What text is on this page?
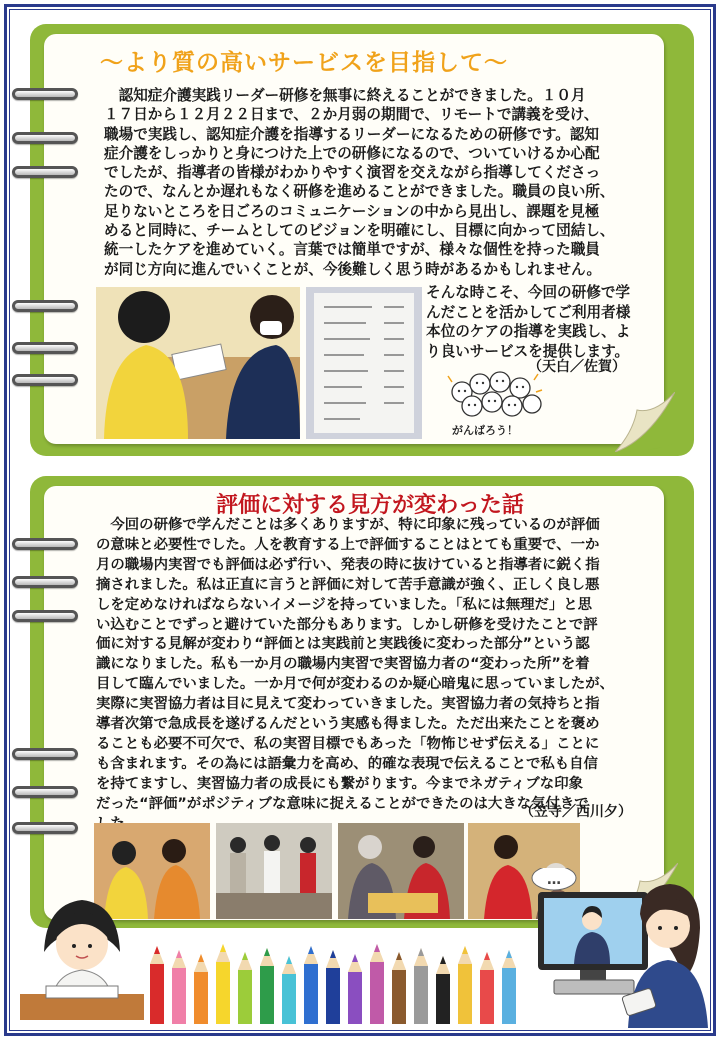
～より質の高いサービスを目指して～

　認知症介護実践リーダー研修を無事に終えることができました。１０月

１７日から１２月２２日まで、２か月弱の期間で、リモートで講義を受け、

職場で実践し、認知症介護を指導するリーダーになるための研修です。認知

症介護をしっかりと身につけた上での研修になるので、ついていけるか心配

でしたが、指導者の皆様がわかりやすく演習を交えながら指導してくださっ

たので、なんとか遅れもなく研修を進めることができました。職員の良い所、

足りないところを日ごろのコミュニケーションの中から見出し、課題を見極

めると同時に、チームとしてのビジョンを明確にし、目標に向かって団結し、

統一したケアを進めていく。言葉では簡単ですが、様々な個性を持った職員

が同じ方向に進んでいくことが、今後難しく思う時があるかもしれません。

そんな時こそ、今回の研修で学

んだことを活かしてご利用者様

本位のケアの指導を実践し、よ

り良いサービスを提供します。

（天白／佐賀）
がんばろう！
評価に対する見方が変わった話

　今回の研修で学んだことは多くありますが、特に印象に残っているのが評価

の意味と必要性でした。人を教育する上で評価することはとても重要で、一か

月の職場内実習でも評価は必ず行い、発表の時に抜けていると指導者に鋭く指

摘されました。私は正直に言うと評価に対して苦手意識が強く、正しく良し悪

しを定めなければならないイメージを持っていました。「私には無理だ」と思

い込むことでずっと避けていた部分もあります。しかし研修を受けたことで評

価に対する見解が変わり“評価とは実践前と実践後に変わった部分”という認

識になりました。私も一か月の職場内実習で実習協力者の“変わった所”を着

目して臨んでいました。一か月で何が変わるのか疑心暗鬼に思っていましたが、

実際に実習協力者は目に見えて変わっていきました。実習協力者の気持ちと指

導者次第で急成長を遂げるんだという実感も得ました。ただ出来たことを褒め

ることも必要不可欠で、私の実習目標でもあった「物怖じせず伝える」ことに

も含まれます。その為には語彙力を高め、的確な表現で伝えることで私も自信

を持てますし、実習協力者の成長にも繋がります。今までネガティブな印象

だった“評価”がポジティブな意味に捉えることができたのは大きな気付きで

（笠寺／西川夕）
…
